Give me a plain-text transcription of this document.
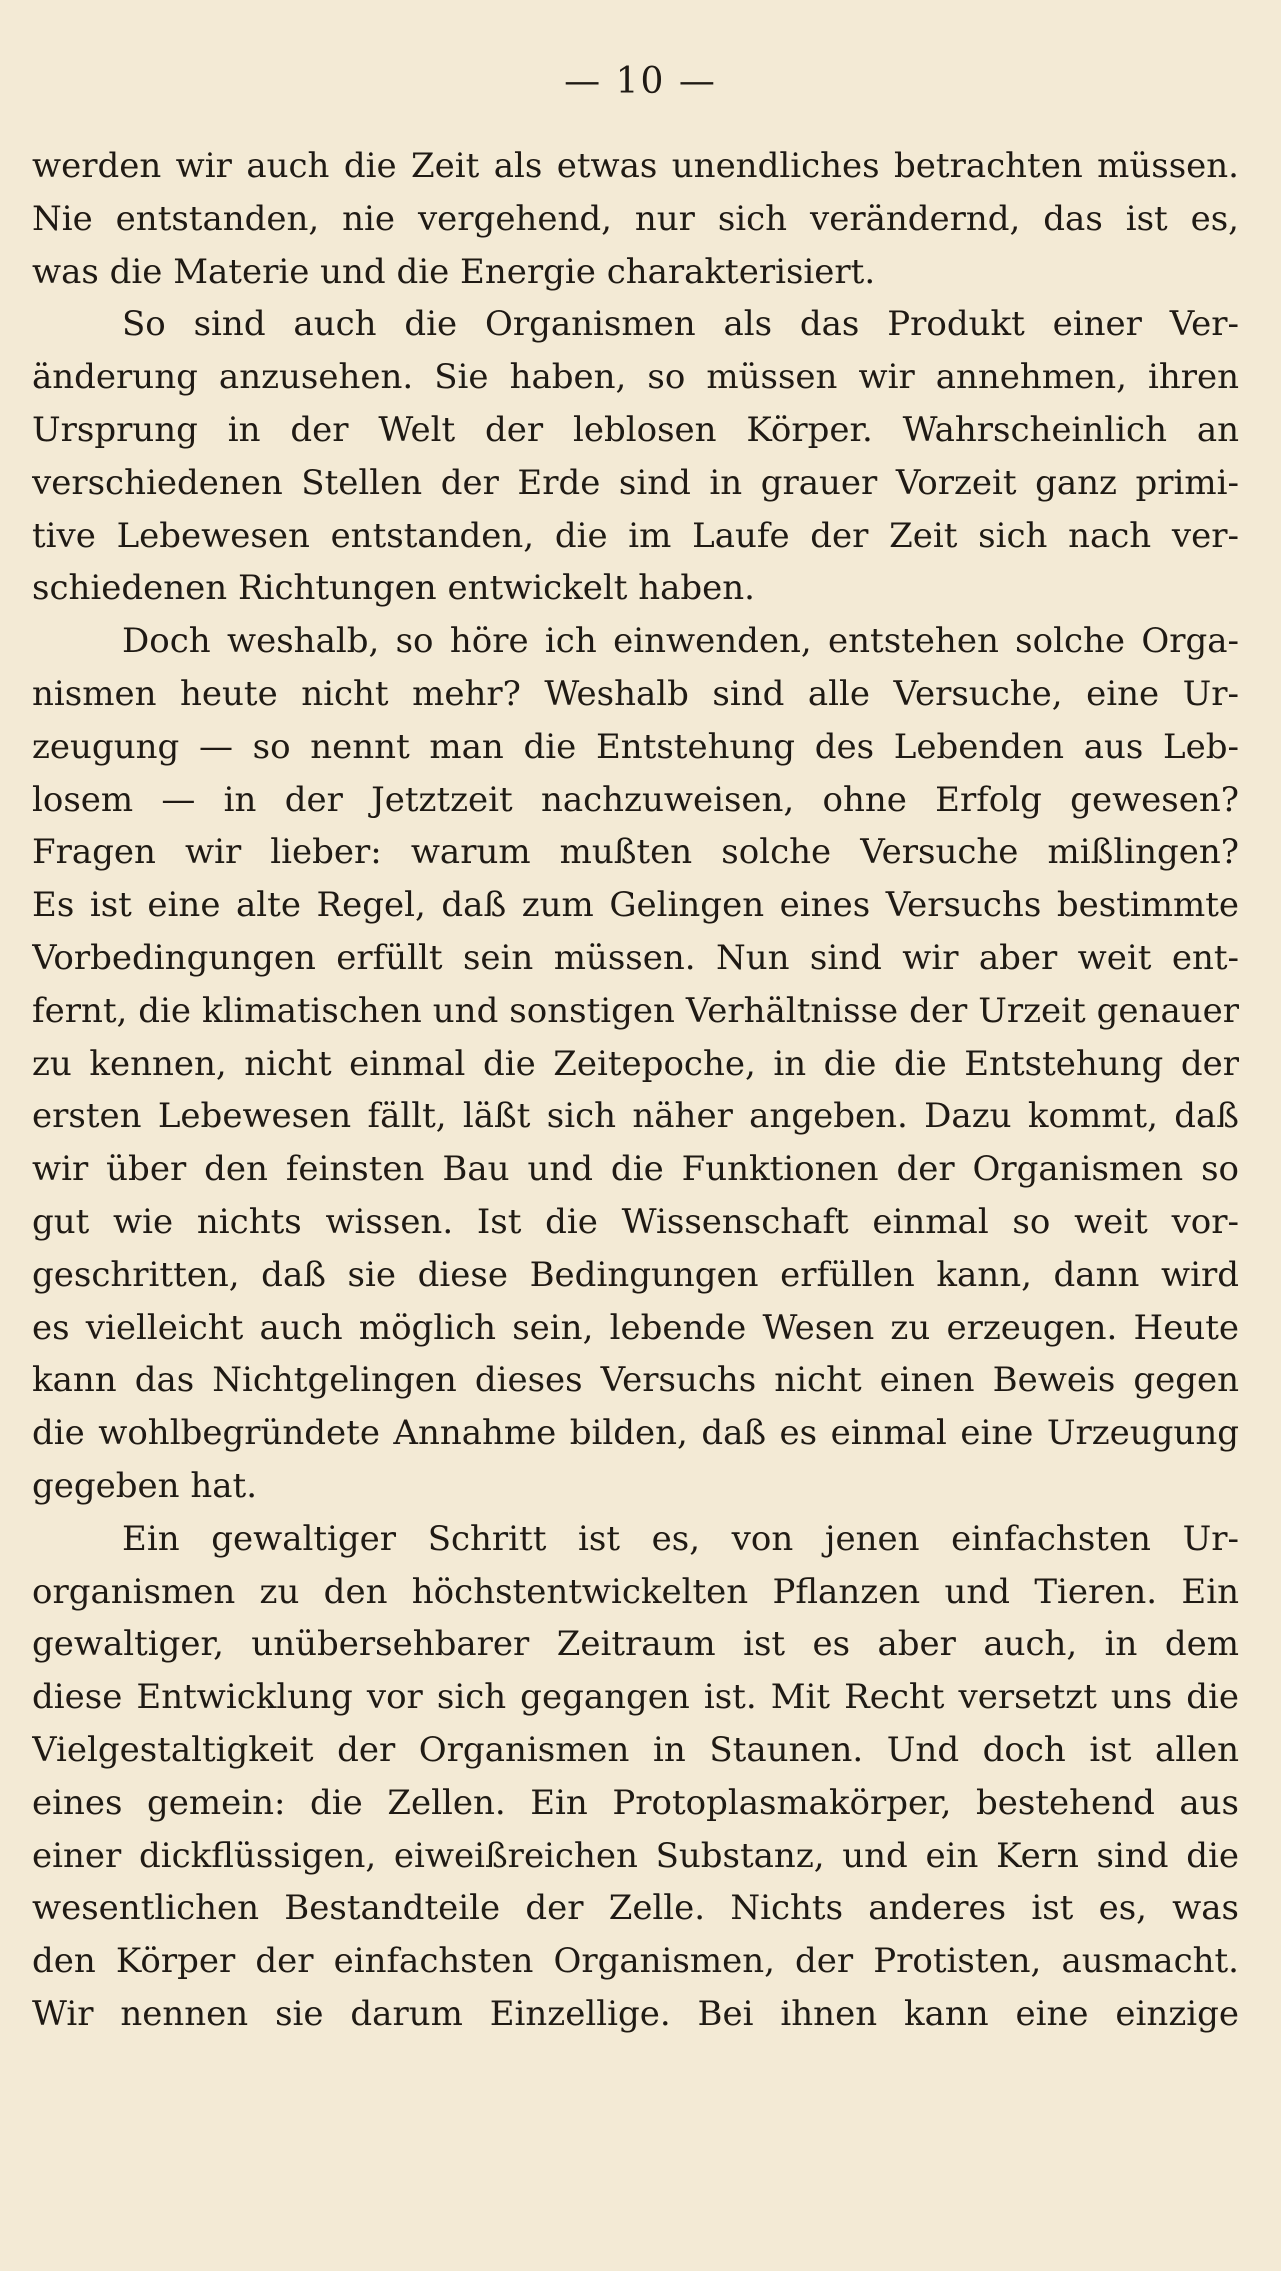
— 10 —
werden wir auch die Zeit als etwas unendliches betrachten müssen.
Nie entstanden, nie vergehend, nur sich verändernd, das ist es,
was die Materie und die Energie charakterisiert.
So sind auch die Organismen als das Produkt einer Ver-
änderung anzusehen. Sie haben, so müssen wir annehmen, ihren
Ursprung in der Welt der leblosen Körper. Wahrscheinlich an
verschiedenen Stellen der Erde sind in grauer Vorzeit ganz primi-
tive Lebewesen entstanden, die im Laufe der Zeit sich nach ver-
schiedenen Richtungen entwickelt haben.
Doch weshalb, so höre ich einwenden, entstehen solche Orga-
nismen heute nicht mehr? Weshalb sind alle Versuche, eine Ur-
zeugung — so nennt man die Entstehung des Lebenden aus Leb-
losem — in der Jetztzeit nachzuweisen, ohne Erfolg gewesen?
Fragen wir lieber: warum mußten solche Versuche mißlingen?
Es ist eine alte Regel, daß zum Gelingen eines Versuchs bestimmte
Vorbedingungen erfüllt sein müssen. Nun sind wir aber weit ent-
fernt, die klimatischen und sonstigen Verhältnisse der Urzeit genauer
zu kennen, nicht einmal die Zeitepoche, in die die Entstehung der
ersten Lebewesen fällt, läßt sich näher angeben. Dazu kommt, daß
wir über den feinsten Bau und die Funktionen der Organismen so
gut wie nichts wissen. Ist die Wissenschaft einmal so weit vor-
geschritten, daß sie diese Bedingungen erfüllen kann, dann wird
es vielleicht auch möglich sein, lebende Wesen zu erzeugen. Heute
kann das Nichtgelingen dieses Versuchs nicht einen Beweis gegen
die wohlbegründete Annahme bilden, daß es einmal eine Urzeugung
gegeben hat.
Ein gewaltiger Schritt ist es, von jenen einfachsten Ur-
organismen zu den höchstentwickelten Pflanzen und Tieren. Ein
gewaltiger, unübersehbarer Zeitraum ist es aber auch, in dem
diese Entwicklung vor sich gegangen ist. Mit Recht versetzt uns die
Vielgestaltigkeit der Organismen in Staunen. Und doch ist allen
eines gemein: die Zellen. Ein Protoplasmakörper, bestehend aus
einer dickflüssigen, eiweißreichen Substanz, und ein Kern sind die
wesentlichen Bestandteile der Zelle. Nichts anderes ist es, was
den Körper der einfachsten Organismen, der Protisten, ausmacht.
Wir nennen sie darum Einzellige. Bei ihnen kann eine einzige
